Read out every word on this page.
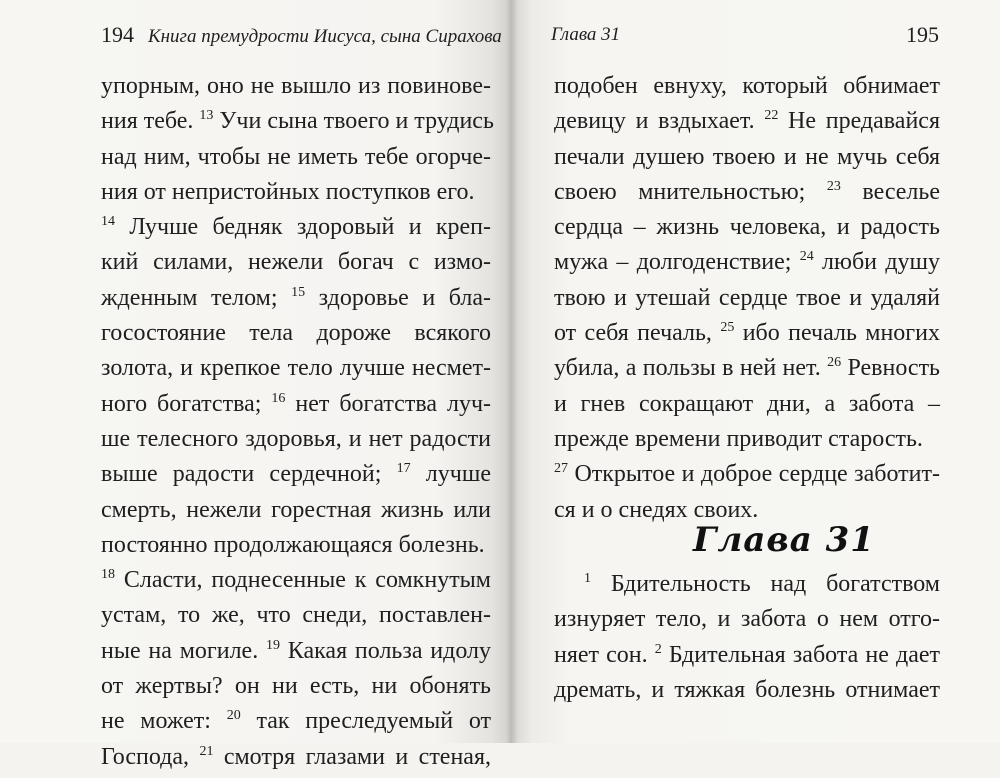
194 Книга премудрости Иисуса, сына Сирахова	Глава 31	195
упорным, оно не вышло из повинове-
ния тебе. $^{13}$ Учи сына твоего и трудись
над ним, чтобы не иметь тебе огорче-
ния от непристойных поступков его.
$^{14}$ Лучше бедняк здоровый и креп-
кий силами, нежели богач с измо-
жденным телом; $^{15}$ здоровье и бла-
госостояние тела дороже всякого
золота, и крепкое тело лучше несмет-
ного богатства; $^{16}$ нет богатства луч-
ше телесного здоровья, и нет радости
выше радости сердечной; $^{17}$ лучше
смерть, нежели горестная жизнь или
постоянно продолжающаяся болезнь.
$^{18}$ Сласти, поднесенные к сомкнутым
устам, то же, что снеди, поставлен-
ные на могиле. $^{19}$ Какая польза идолу
от жертвы? он ни есть, ни обонять
не может: $^{20}$ так преследуемый от
Господа, $^{21}$ смотря глазами и стеная,
подобен евнуху, который обнимает
девицу и вздыхает. $^{22}$ Не предавайся
печали душею твоею и не мучь себя
своею мнительностью; $^{23}$ веселье
сердца – жизнь человека, и радость
мужа – долгоденствие; $^{24}$ люби душу
твою и утешай сердце твое и удаляй
от себя печаль, $^{25}$ ибо печаль многих
убила, а пользы в ней нет. $^{26}$ Ревность
и гнев сокращают дни, а забота –
прежде времени приводит старость.
$^{27}$ Открытое и доброе сердце заботит-
ся и о снедях своих.
Глава 31
$^1$ Бдительность над богатством
изнуряет тело, и забота о нем отго-
няет сон. $^2$ Бдительная забота не дает
дремать, и тяжкая болезнь отнимает
